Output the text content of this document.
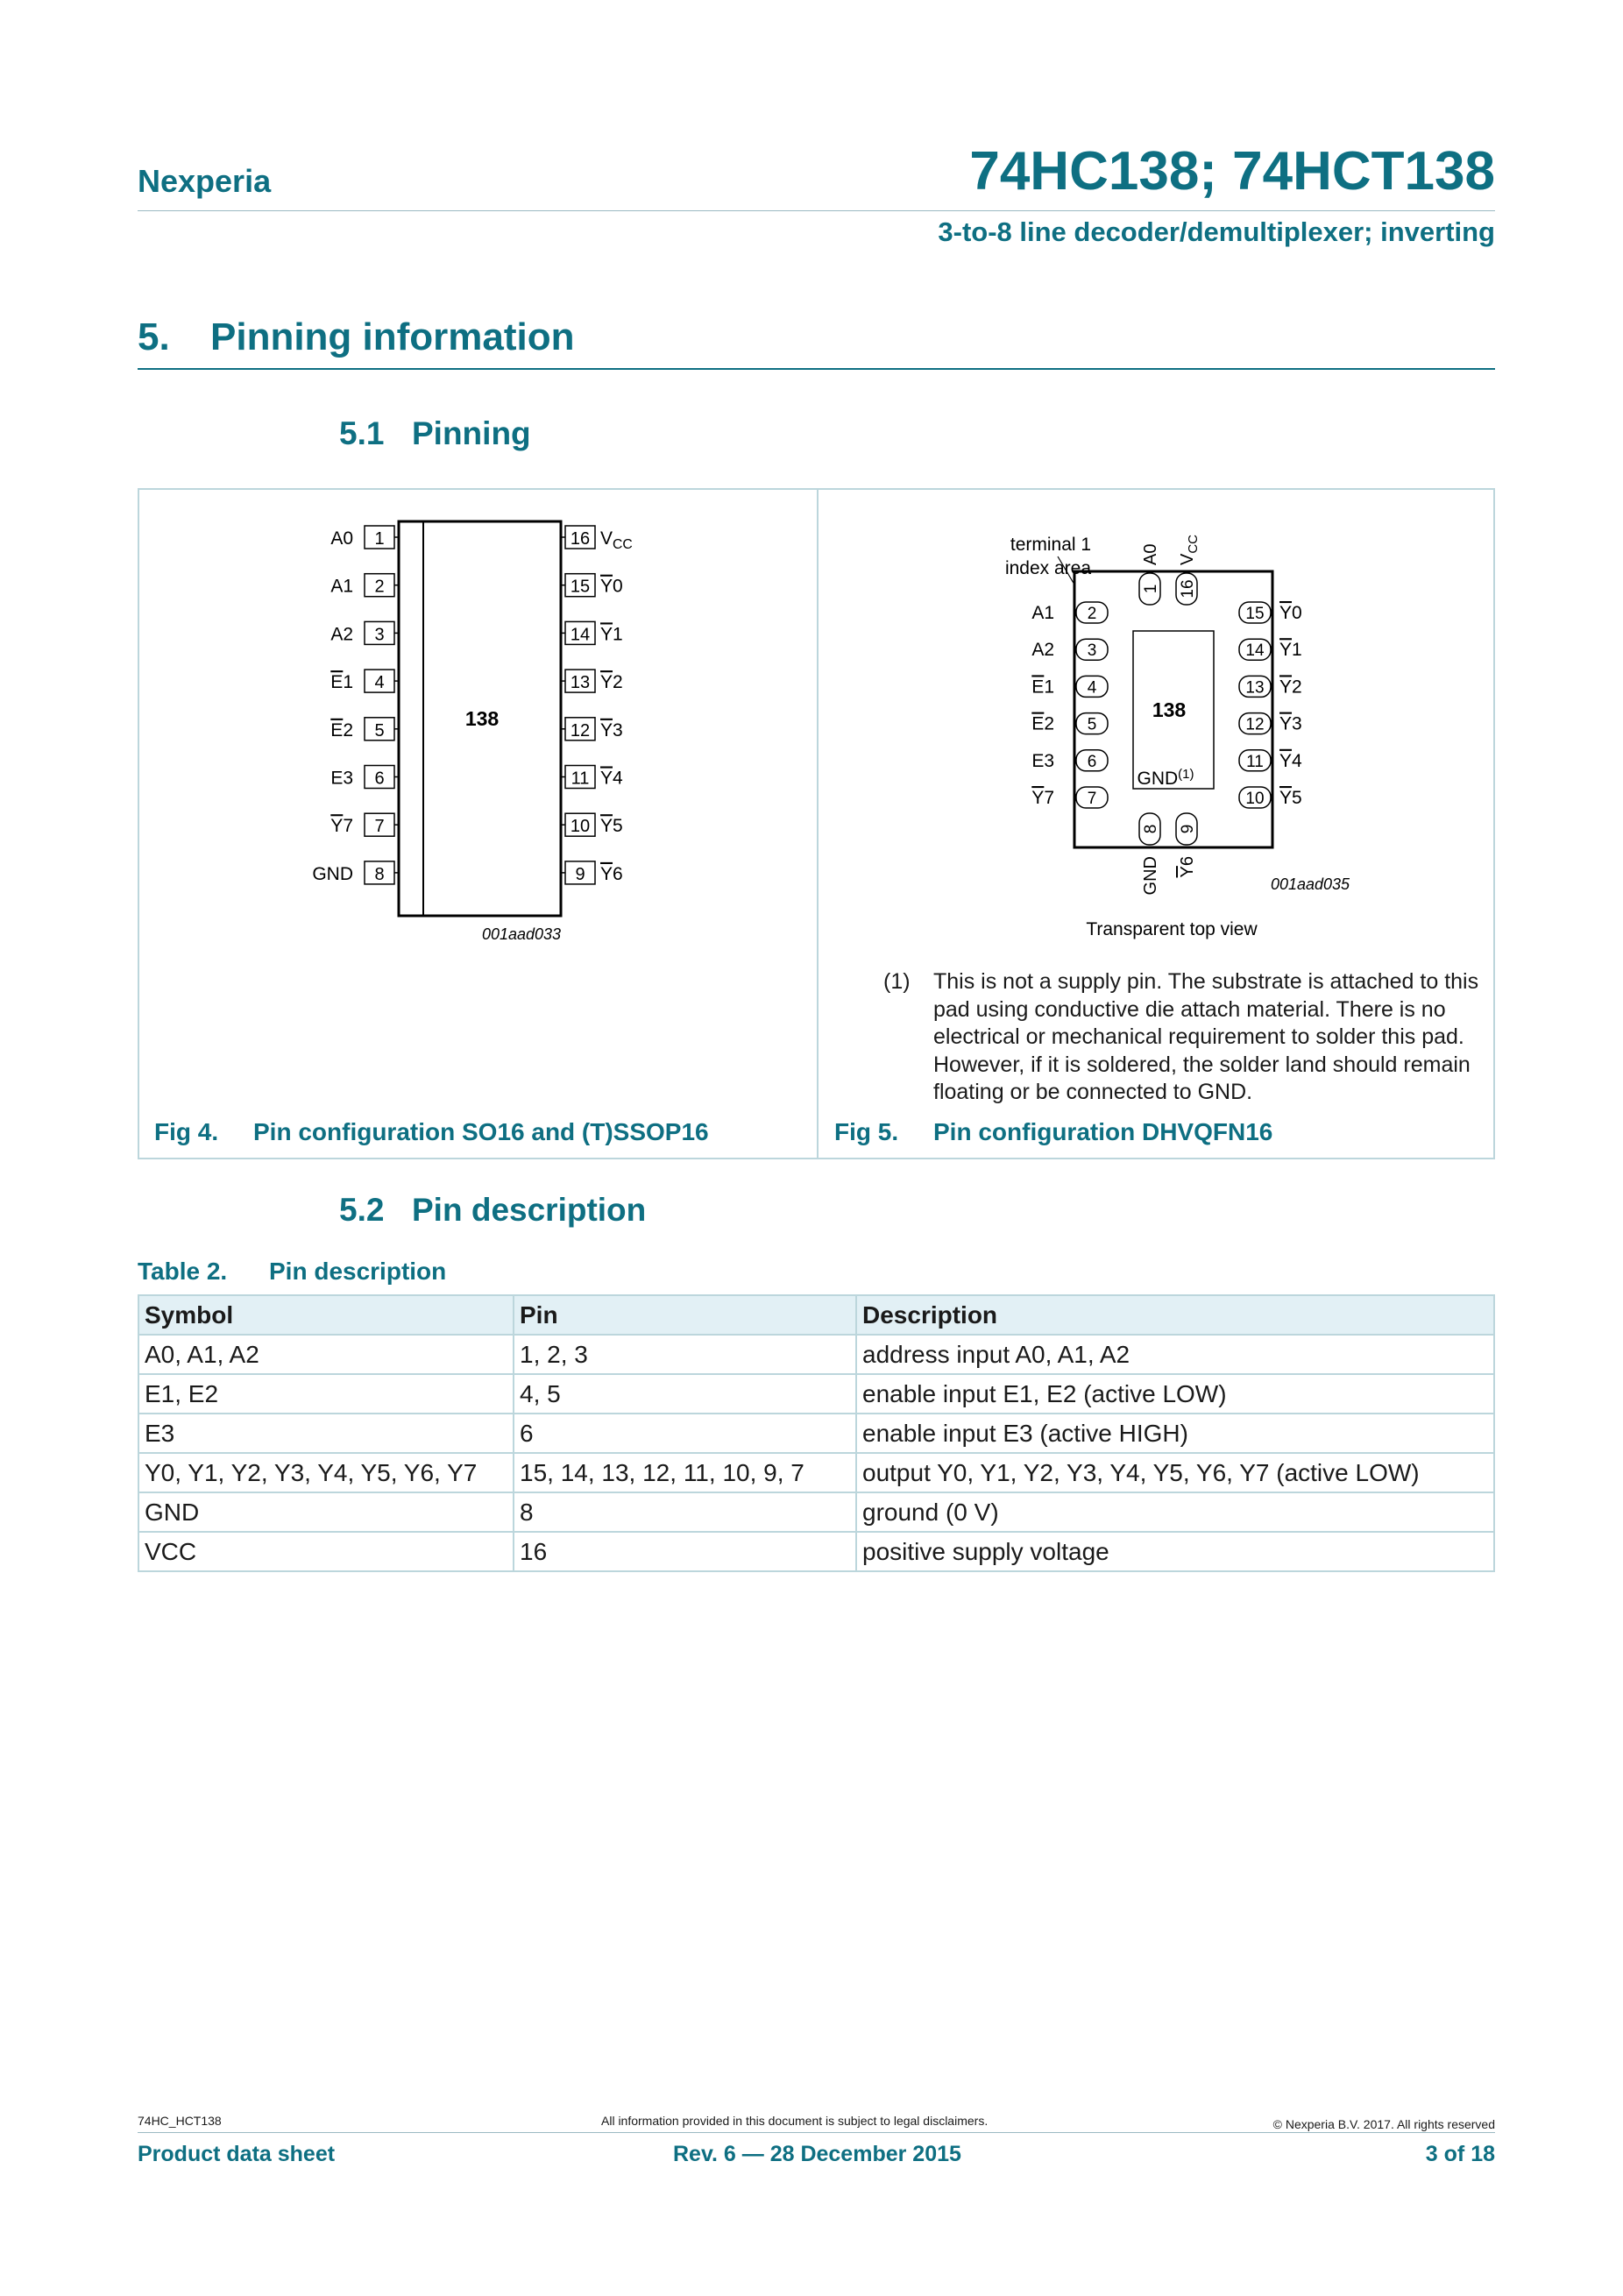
Nexperia	74HC138; 74HCT138
3-to-8 line decoder/demultiplexer; inverting
5. Pinning information
5.1 Pinning
138
1
A0
2
A1
3
A2
4
E1
5
E2
6
E3
7
Y7
8
GND
16 $V_{CC}$
15 Y0
14 Y1
13 Y2
12 Y3
11 Y4
10 Y5
9 Y6
001aad033
terminal 1
index area
138
GND$^{(1)}$
1
A0
16
$V_{CC}$
8
GND
9
Y6
2
A1
3
A2
4
E1
5
E2
6
E3
7
Y7
15 Y0
14 Y1
13 Y2
12 Y3
11 Y4
10 Y5
001aad035
Transparent top view
(1) This is not a supply pin. The substrate is attached to this pad using conductive die attach material. There is no electrical or mechanical requirement to solder this pad. However, if it is soldered, the solder land should remain floating or be connected to GND.
Fig 4. Pin configuration SO16 and (T)SSOP16	Fig 5. Pin configuration DHVQFN16
5.2 Pin description
Table 2. Pin description
Symbol	Pin	Description
A0, A1, A2	1, 2, 3	address input A0, A1, A2
E1, E2	4, 5	enable input E1, E2 (active LOW)
E3	6	enable input E3 (active HIGH)
Y0, Y1, Y2, Y3, Y4, Y5, Y6, Y7	15, 14, 13, 12, 11, 10, 9, 7	output Y0, Y1, Y2, Y3, Y4, Y5, Y6, Y7 (active LOW)
GND	8	ground (0 V)
VCC	16	positive supply voltage
74HC_HCT138	All information provided in this document is subject to legal disclaimers.	© Nexperia B.V. 2017. All rights reserved
Product data sheet	Rev. 6 — 28 December 2015	3 of 18
